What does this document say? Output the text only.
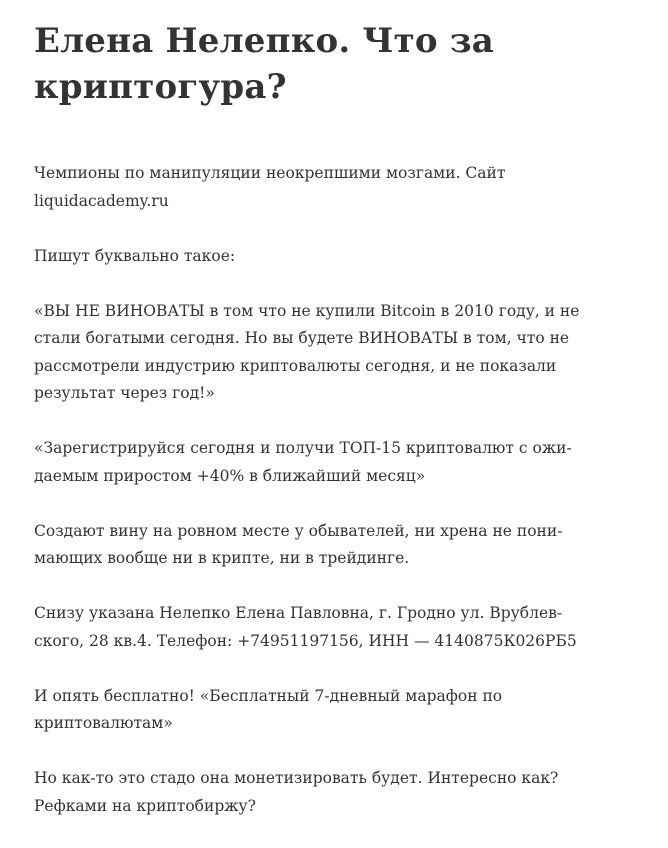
Елена Нелепко. Что за
криптогура?

Чемпионы по манипуляции неокрепшими мозгами. Сайт
liquidacademy.ru

Пишут буквально такое:

«ВЫ НЕ ВИНОВАТЫ в том что не купили Bitcoin в 2010 году, и не
стали богатыми сегодня. Но вы будете ВИНОВАТЫ в том, что не
рассмотрели индустрию криптовалюты сегодня, и не показали
результат через год!»

«Зарегистрируйся сегодня и получи ТОП-15 криптовалют с ожи-
даемым приростом +40% в ближайший месяц»

Создают вину на ровном месте у обывателей, ни хрена не пони-
мающих вообще ни в крипте, ни в трейдинге.

Снизу указана Нелепко Елена Павловна, г. Гродно ул. Врублев-
ского, 28 кв.4. Телефон: +74951197156, ИНН — 4140875К026РБ5

И опять бесплатно! «Бесплатный 7-дневный марафон по
криптовалютам»

Но как-то это стадо она монетизировать будет. Интересно как?
Рефками на криптобиржу?
